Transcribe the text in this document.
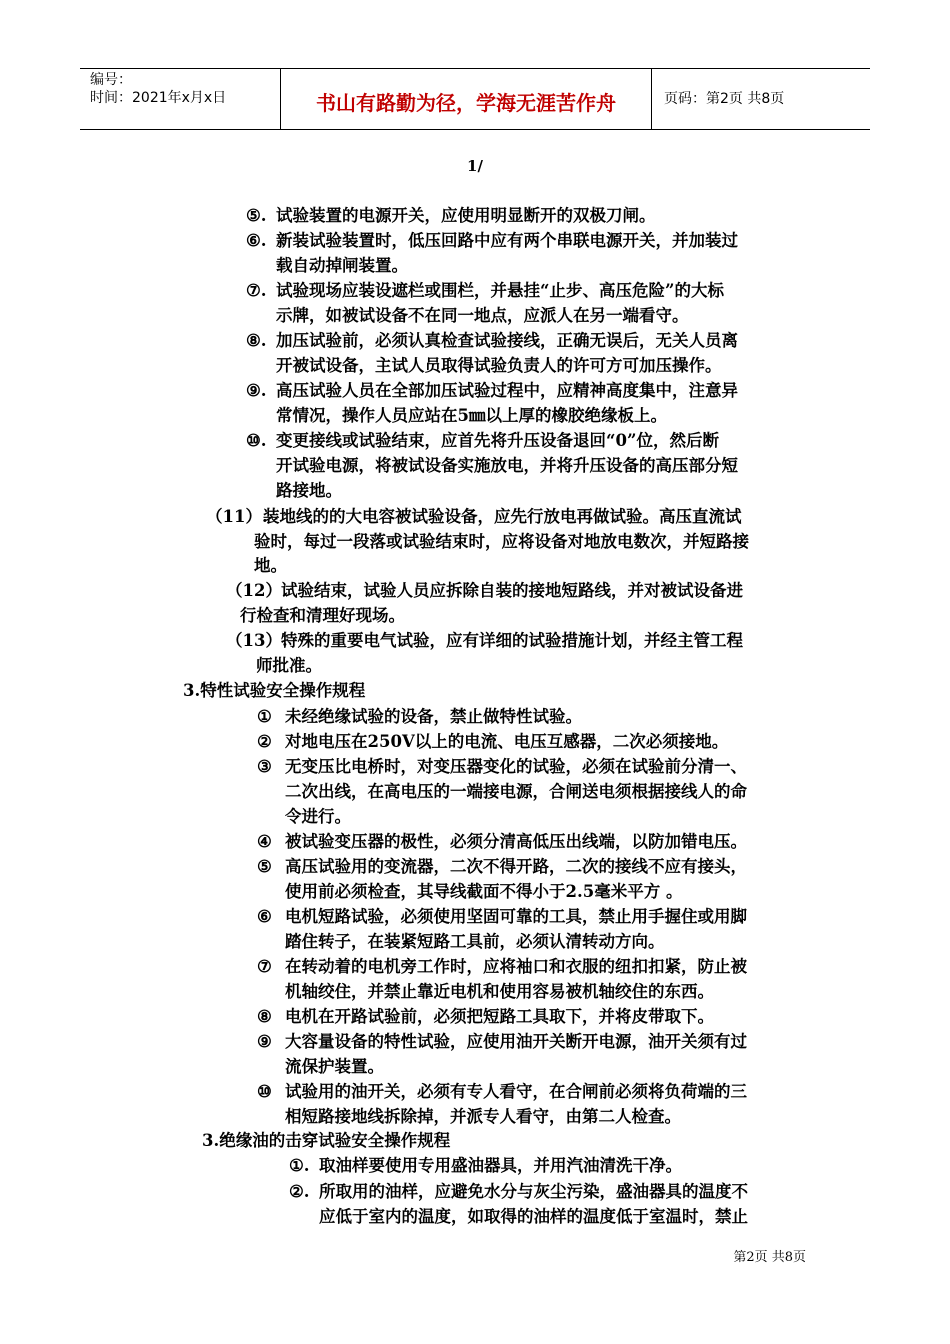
编号：
时间：2021年x月x日	书山有路勤为径，学海无涯苦作舟	页码：第2页 共8页
1/
⑤. 试验装置的电源开关，应使用明显断开的双极刀闸。
⑥. 新装试验装置时，低压回路中应有两个串联电源开关，并加装过
载自动掉闸装置。
⑦. 试验现场应装设遮栏或围栏，并悬挂“止步、高压危险”的大标
示牌，如被试设备不在同一地点，应派人在另一端看守。
⑧. 加压试验前，必须认真检查试验接线，正确无误后，无关人员离
开被试设备，主试人员取得试验负责人的许可方可加压操作。
⑨. 高压试验人员在全部加压试验过程中，应精神高度集中，注意异
常情况，操作人员应站在5㎜以上厚的橡胶绝缘板上。
⑩. 变更接线或试验结束，应首先将升压设备退回“0”位，然后断
开试验电源，将被试设备实施放电，并将升压设备的高压部分短
路接地。
（11）.
装地线的的大电容被试验设备，应先行放电再做试验。高压直流试
验时，每过一段落或试验结束时，应将设备对地放电数次，并短路接
地。
（12）.
试验结束，试验人员应拆除自装的接地短路线，并对被试设备进
行检查和清理好现场。
（13）.
特殊的重要电气试验，应有详细的试验措施计划，并经主管工程
师批准。
3.特性试验安全操作规程
① 未经绝缘试验的设备，禁止做特性试验。
② 对地电压在250V以上的电流、电压互感器，二次必须接地。
③ 无变压比电桥时，对变压器变化的试验，必须在试验前分清一、
二次出线，在高电压的一端接电源，合闸送电须根据接线人的命
令进行。
④ 被试验变压器的极性，必须分清高低压出线端，以防加错电压。
⑤ 高压试验用的变流器，二次不得开路，二次的接线不应有接头，
使用前必须检查，其导线截面不得小于2.5毫米平方 。
⑥ 电机短路试验，必须使用坚固可靠的工具，禁止用手握住或用脚
踏住转子，在装紧短路工具前，必须认清转动方向。
⑦ 在转动着的电机旁工作时，应将袖口和衣服的纽扣扣紧，防止被
机轴绞住，并禁止靠近电机和使用容易被机轴绞住的东西。
⑧ 电机在开路试验前，必须把短路工具取下，并将皮带取下。
⑨ 大容量设备的特性试验，应使用油开关断开电源，油开关须有过
流保护装置。
⑩ 试验用的油开关，必须有专人看守，在合闸前必须将负荷端的三
相短路接地线拆除掉，并派专人看守，由第二人检查。
3.绝缘油的击穿试验安全操作规程
①. 取油样要使用专用盛油器具，并用汽油清洗干净。
②. 所取用的油样，应避免水分与灰尘污染，盛油器具的温度不
应低于室内的温度，如取得的油样的温度低于室温时，禁止
第2页 共8页
